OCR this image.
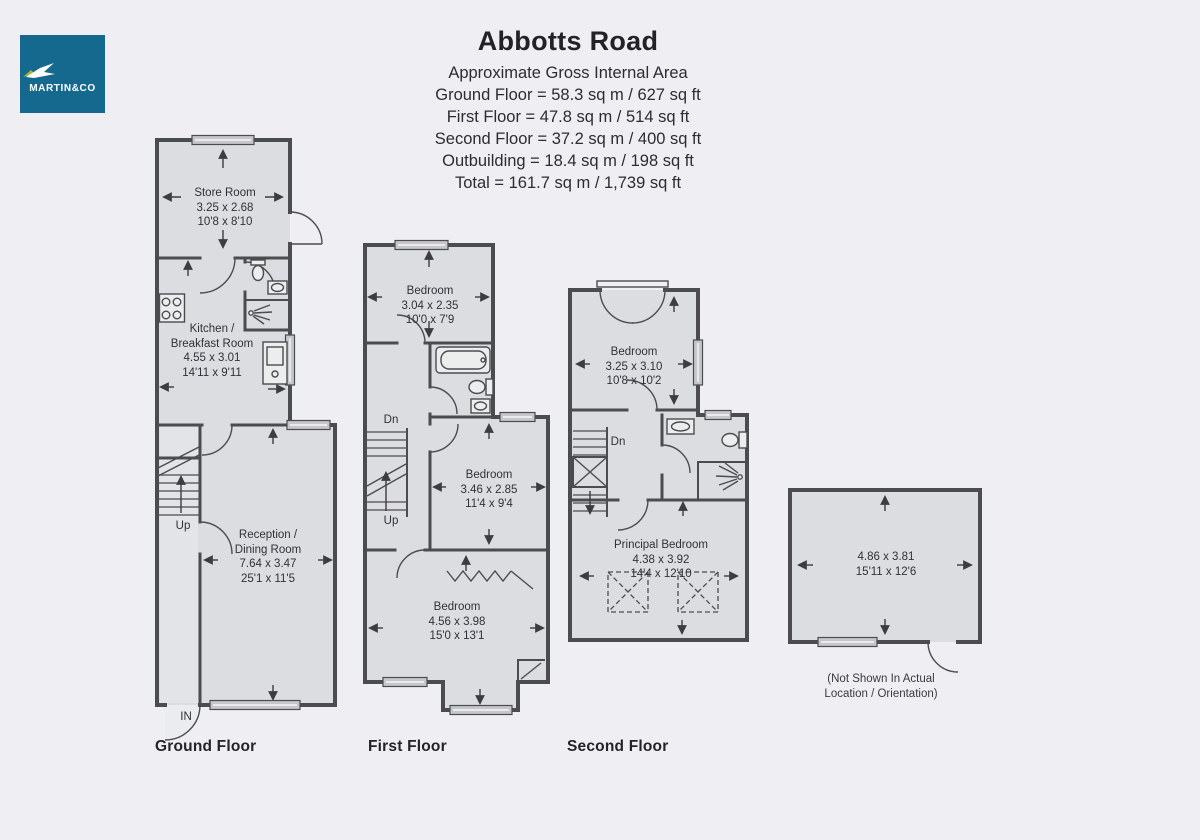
MARTIN&CO
Abbotts Road
Approximate Gross Internal Area
Ground Floor = 58.3 sq m / 627 sq ft
First Floor = 47.8 sq m / 514 sq ft
Second Floor = 37.2 sq m / 400 sq ft
Outbuilding = 18.4 sq m / 198 sq ft
Total = 161.7 sq m / 1,739 sq ft
Store Room
3.25 x 2.68
10'8 x 8'10
Kitchen /
Breakfast Room
4.55 x 3.01
14'11 x 9'11
Reception /
Dining Room
7.64 x 3.47
25'1 x 11'5
Up
IN
Bedroom
3.04 x 2.35
10'0 x 7'9
Bedroom
3.46 x 2.85
11'4 x 9'4
Bedroom
4.56 x 3.98
15'0 x 13'1
Dn
Up
Bedroom
3.25 x 3.10
10'8 x 10'2
Principal Bedroom
4.38 x 3.92
14'4 x 12'10
Dn
4.86 x 3.81
15'11 x 12'6
(Not Shown In Actual
Location / Orientation)
Ground Floor	First Floor	Second Floor
